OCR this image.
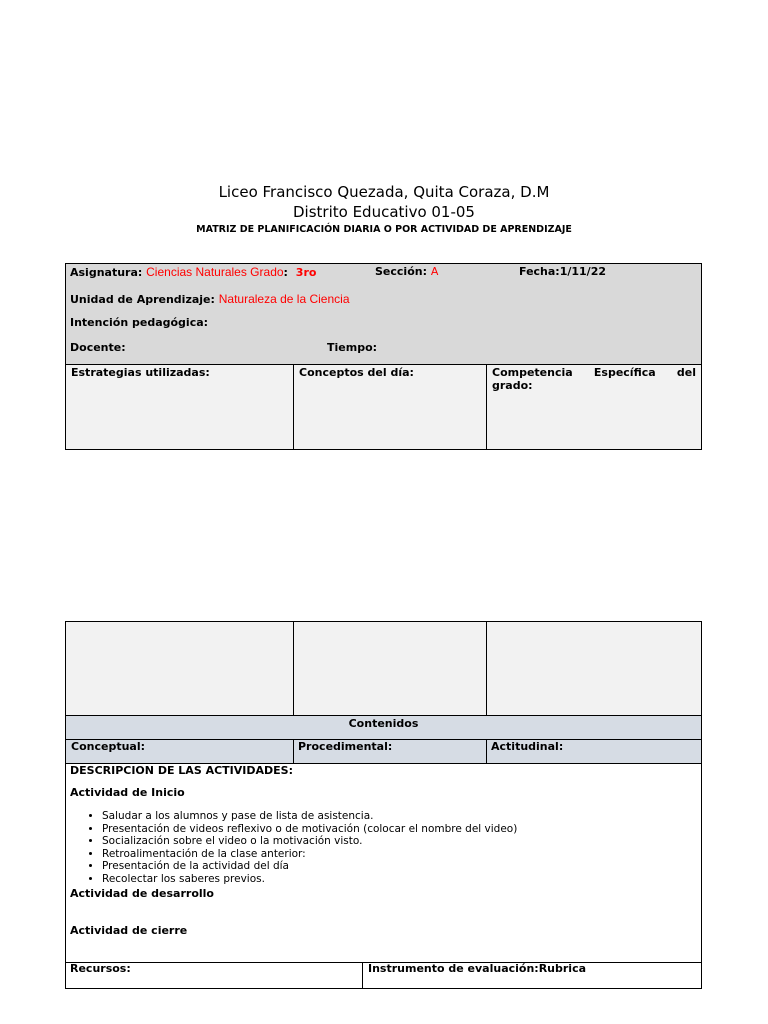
Liceo Francisco Quezada, Quita Coraza, D.M
Distrito Educativo 01-05
MATRIZ DE PLANIFICACIÓN DIARIA O POR ACTIVIDAD DE APRENDIZAJE
Asignatura: Ciencias Naturales Grado: 3ro	Sección: A	Fecha:1/11/22
Unidad de Aprendizaje: Naturaleza de la Ciencia
Intención pedagógica:
Docente:	Tiempo:
Estrategias utilizadas:	Conceptos del día:	Competencia Específica del
grado:
Contenidos
Conceptual:	Procedimental:	Actitudinal:
DESCRIPCION DE LAS ACTIVIDADES:
Actividad de Inicio
• Saludar a los alumnos y pase de lista de asistencia.
• Presentación de videos reflexivo o de motivación (colocar el nombre del video)
• Socialización sobre el video o la motivación visto.
• Retroalimentación de la clase anterior:
• Presentación de la actividad del día
• Recolectar los saberes previos.
Actividad de desarrollo
Actividad de cierre
Recursos:	Instrumento de evaluación:Rubrica
